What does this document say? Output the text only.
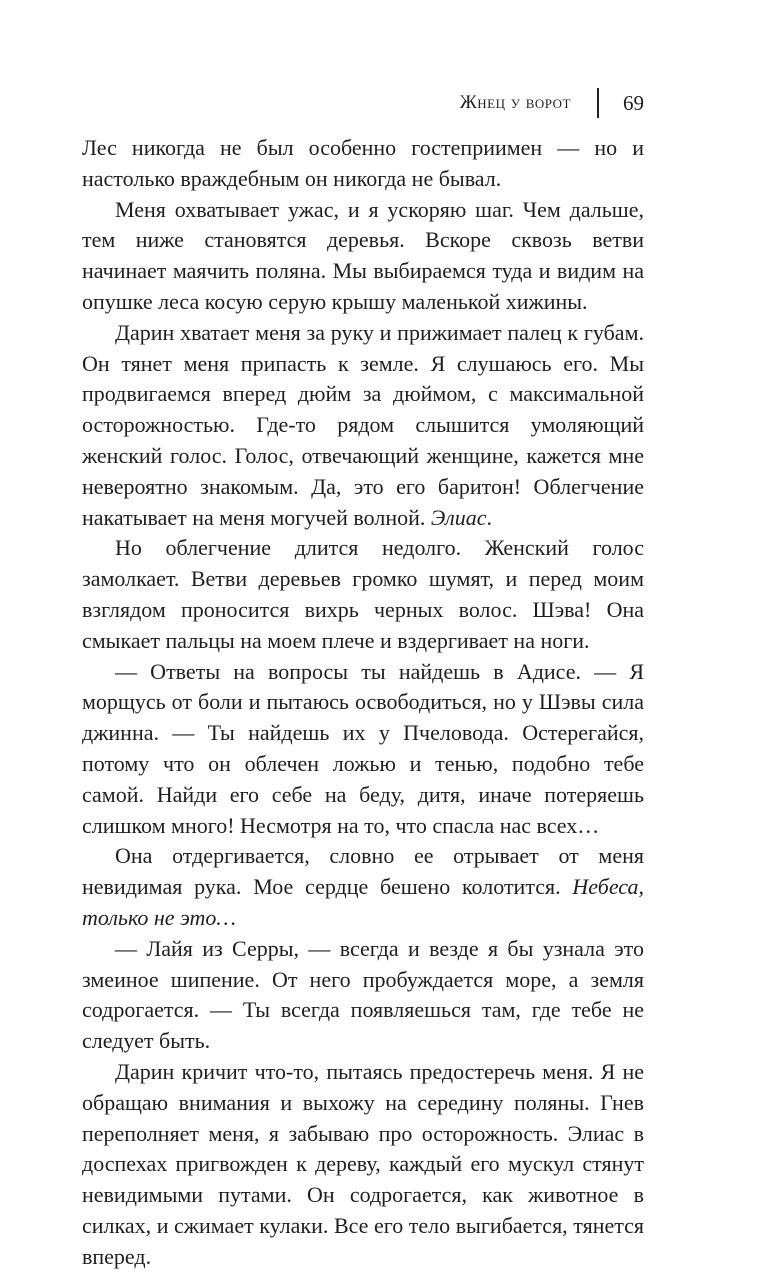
Жнец у ворот 69

Лес никогда не был особенно гостеприимен — но и настолько враждебным он никогда не бывал.

Меня охватывает ужас, и я ускоряю шаг. Чем дальше, тем ниже становятся деревья. Вскоре сквозь ветви начинает маячить поляна. Мы выбираемся туда и видим на опушке леса косую серую крышу маленькой хижины.

Дарин хватает меня за руку и прижимает палец к губам. Он тянет меня припасть к земле. Я слушаюсь его. Мы продвигаемся вперед дюйм за дюймом, с максимальной осторожностью. Где-то рядом слышится умоляющий женский голос. Голос, отвечающий женщине, кажется мне невероятно знакомым. Да, это его баритон! Облегчение накатывает на меня могучей волной. Элиас.

Но облегчение длится недолго. Женский голос замолкает. Ветви деревьев громко шумят, и перед моим взглядом проносится вихрь черных волос. Шэва! Она смыкает пальцы на моем плече и вздергивает на ноги.

— Ответы на вопросы ты найдешь в Адисе. — Я морщусь от боли и пытаюсь освободиться, но у Шэвы сила джинна. — Ты найдешь их у Пчеловода. Остерегайся, потому что он облечен ложью и тенью, подобно тебе самой. Найди его себе на беду, дитя, иначе потеряешь слишком много! Несмотря на то, что спасла нас всех…

Она отдергивается, словно ее отрывает от меня невидимая рука. Мое сердце бешено колотится. Небеса, только не это…

— Лайя из Серры, — всегда и везде я бы узнала это змеиное шипение. От него пробуждается море, а земля содрогается. — Ты всегда появляешься там, где тебе не следует быть.

Дарин кричит что-то, пытаясь предостеречь меня. Я не обращаю внимания и выхожу на середину поляны. Гнев переполняет меня, я забываю про осторожность. Элиас в доспехах пригвожден к дереву, каждый его мускул стянут невидимыми путами. Он содрогается, как животное в силках, и сжимает кулаки. Все его тело выгибается, тянется вперед.
